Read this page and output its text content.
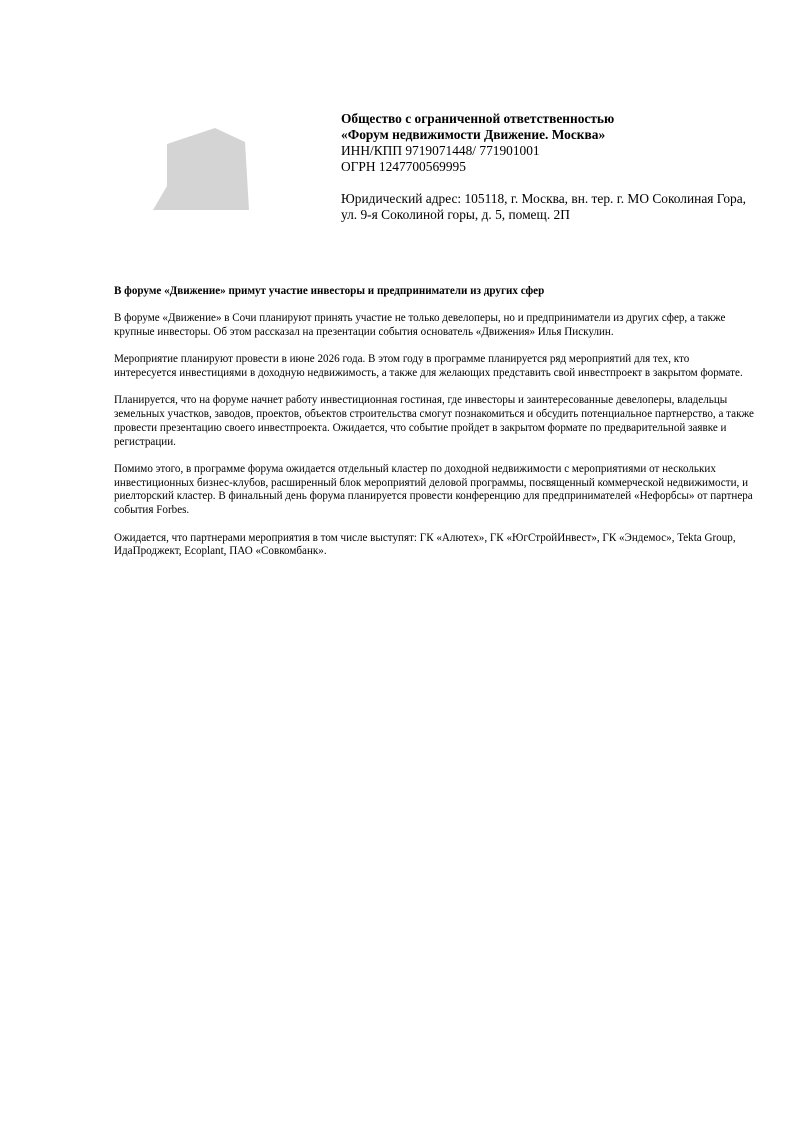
Общество с ограниченной ответственностью
«Форум недвижимости Движение. Москва»
ИНН/КПП 9719071448/ 771901001
ОГРН 1247700569995
Юридический адрес: 105118, г. Москва, вн. тер. г. МО Соколиная Гора, ул. 9-я Соколиной горы, д. 5, помещ. 2П
В форуме «Движение» примут участие инвесторы и предприниматели из других сфер

В форуме «Движение» в Сочи планируют принять участие не только девелоперы, но и предприниматели из других сфер, а также крупные инвесторы. Об этом рассказал на презентации события основатель «Движения» Илья Пискулин.

Мероприятие планируют провести в июне 2026 года. В этом году в программе планируется ряд мероприятий для тех, кто интересуется инвестициями в доходную недвижимость, а также для желающих представить свой инвестпроект в закрытом формате.

Планируется, что на форуме начнет работу инвестиционная гостиная, где инвесторы и заинтересованные девелоперы, владельцы земельных участков, заводов, проектов, объектов строительства смогут познакомиться и обсудить потенциальное партнерство, а также провести презентацию своего инвестпроекта. Ожидается, что событие пройдет в закрытом формате по предварительной заявке и регистрации.

Помимо этого, в программе форума ожидается отдельный кластер по доходной недвижимости с мероприятиями от нескольких инвестиционных бизнес-клубов, расширенный блок мероприятий деловой программы, посвященный коммерческой недвижимости, и риелторский кластер. В финальный день форума планируется провести конференцию для предпринимателей «Нефорбсы» от партнера события Forbes.

Ожидается, что партнерами мероприятия в том числе выступят: ГК «Алютех», ГК «ЮгСтройИнвест», ГК «Эндемос», Tekta Group, ИдаПроджект, Ecoplant, ПАО «Совкомбанк».
